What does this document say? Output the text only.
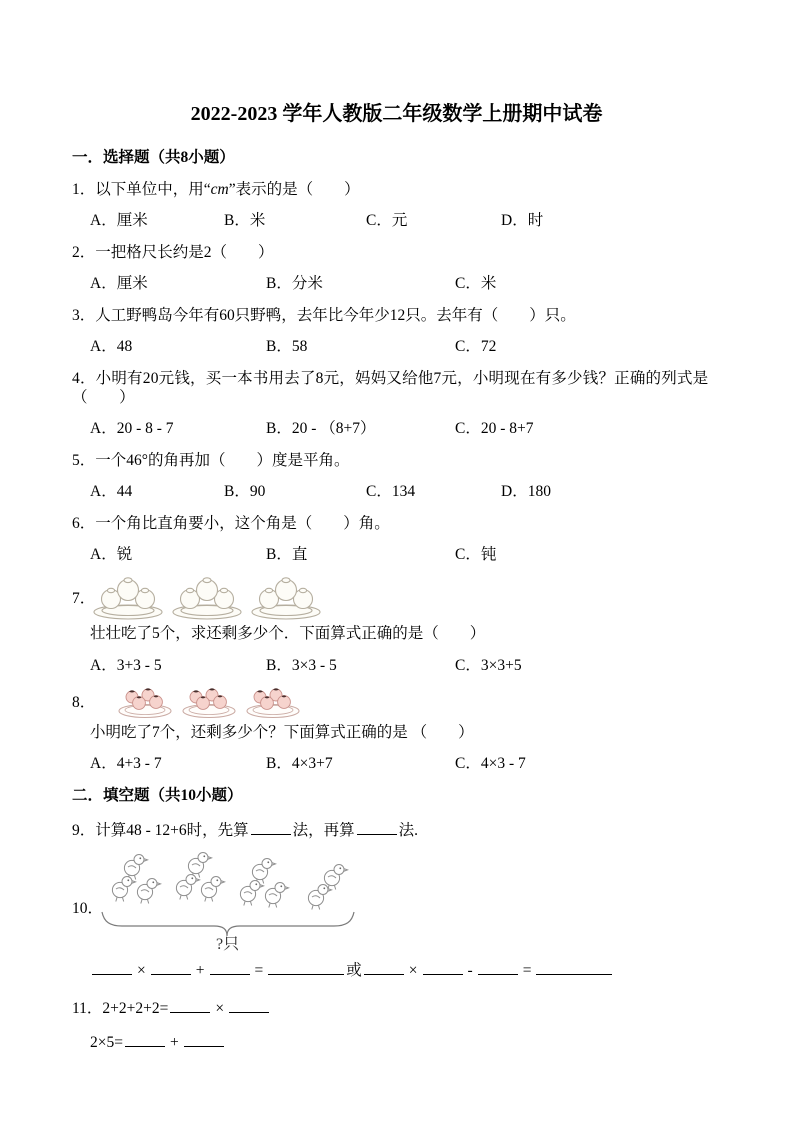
2022-2023 学年人教版二年级数学上册期中试卷
一．选择题（共8小题）
1．以下单位中，用“cm”表示的是（　　）
A．厘米	B．米	C．元	D．时
2．一把格尺长约是2（　　）
A．厘米	B．分米	C．米
3．人工野鸭岛今年有60只野鸭，去年比今年少12只。去年有（　　）只。
A．48	B．58	C．72
4．小明有20元钱，买一本书用去了8元，妈妈又给他7元，小明现在有多少钱？正确的列式是（　　）
A．20 - 8 - 7	B．20 - （8+7）	C．20 - 8+7
5．一个46°的角再加（　　）度是平角。
A．44	B．90	C．134	D．180
6．一个角比直角要小，这个角是（　　）角。
A．锐	B．直	C．钝
7．
壮壮吃了5个，求还剩多少个．下面算式正确的是（　　）
A．3+3 - 5	B．3×3 - 5	C．3×3+5
8．
小明吃了7个，还剩多少个？下面算式正确的是 （　　）
A．4+3 - 7	B．4×3+7	C．4×3 - 7
二．填空题（共10小题）
9．计算48 - 12+6时，先算	法，再算	法.
10．
?只
×	+	=	或	×	-	=
11．2+2+2+2=	×
2×5=	+
